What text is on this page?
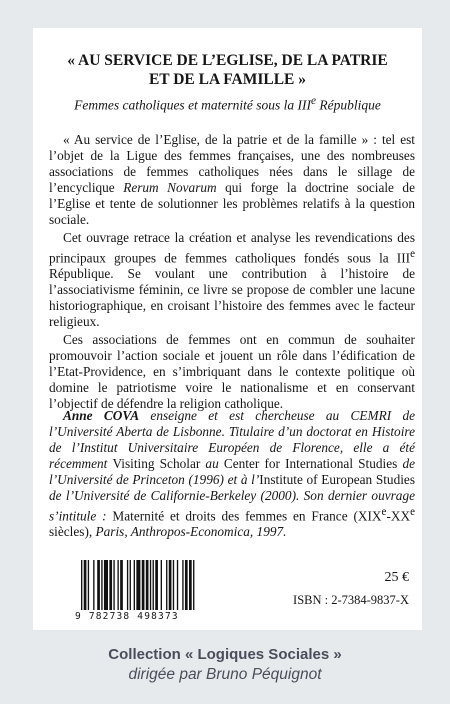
« AU SERVICE DE L’EGLISE, DE LA PATRIE
ET DE LA FAMILLE »
Femmes catholiques et maternité sous la IIIe République

« Au service de l’Eglise, de la patrie et de la famille » : tel est l’objet de la Ligue des femmes françaises, une des nombreuses associations de femmes catholiques nées dans le sillage de l’encyclique Rerum Novarum qui forge la doctrine sociale de l’Eglise et tente de solutionner les problèmes relatifs à la question sociale.

Cet ouvrage retrace la création et analyse les revendications des principaux groupes de femmes catholiques fondés sous la IIIe République. Se voulant une contribution à l’histoire de l’associativisme féminin, ce livre se propose de combler une lacune historiographique, en croisant l’histoire des femmes avec le facteur religieux.

Ces associations de femmes ont en commun de souhaiter promouvoir l’action sociale et jouent un rôle dans l’édification de l’Etat-Providence, en s’imbriquant dans le contexte politique où domine le patriotisme voire le nationalisme et en conservant l’objectif de défendre la religion catholique.

Anne COVA enseigne et est chercheuse au CEMRI de l’Université Aberta de Lisbonne. Titulaire d’un doctorat en Histoire de l’Institut Universitaire Européen de Florence, elle a été récemment Visiting Scholar au Center for International Studies de l’Université de Princeton (1996) et à l’Institute of European Studies de l’Université de Californie-Berkeley (2000). Son dernier ouvrage s’intitule : Maternité et droits des femmes en France (XIXe-XXe siècles), Paris, Anthropos-Economica, 1997.

9 782738 498373
25 €
ISBN : 2-7384-9837-X
Collection « Logiques Sociales »
dirigée par Bruno Péquignot
